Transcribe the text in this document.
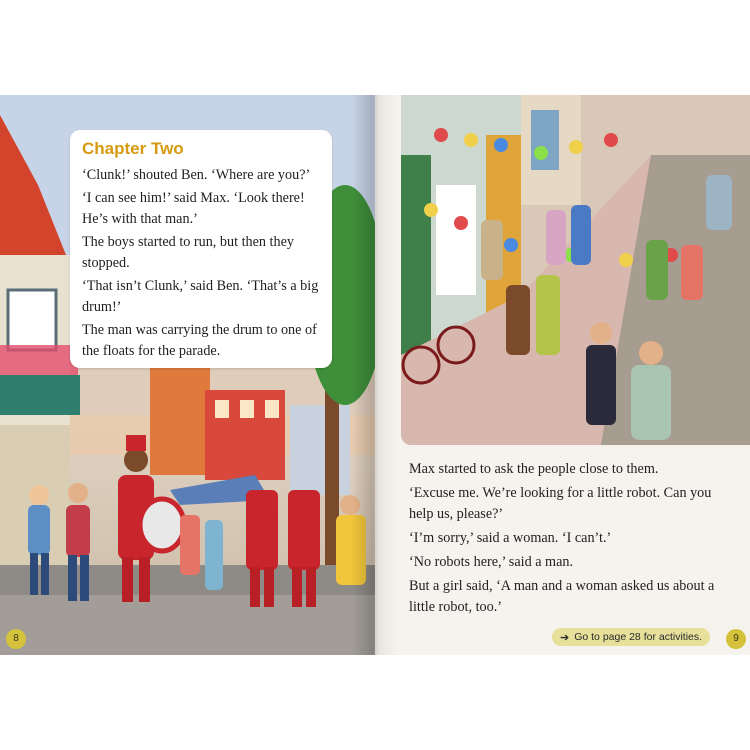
Chapter Two

‘Clunk!’ shouted Ben. ‘Where are you?’

‘I can see him!’ said Max. ‘Look there! He’s with that man.’

The boys started to run, but then they stopped.

‘That isn’t Clunk,’ said Ben. ‘That’s a big drum!’

The man was carrying the drum to one of the floats for the parade.

8

Max started to ask the people close to them.

‘Excuse me. We’re looking for a little robot. Can you help us, please?’

‘I’m sorry,’ said a woman. ‘I can’t.’

‘No robots here,’ said a man.

But a girl said, ‘A man and a woman asked us about a little robot, too.’

➔ Go to page 28 for activities.	9
